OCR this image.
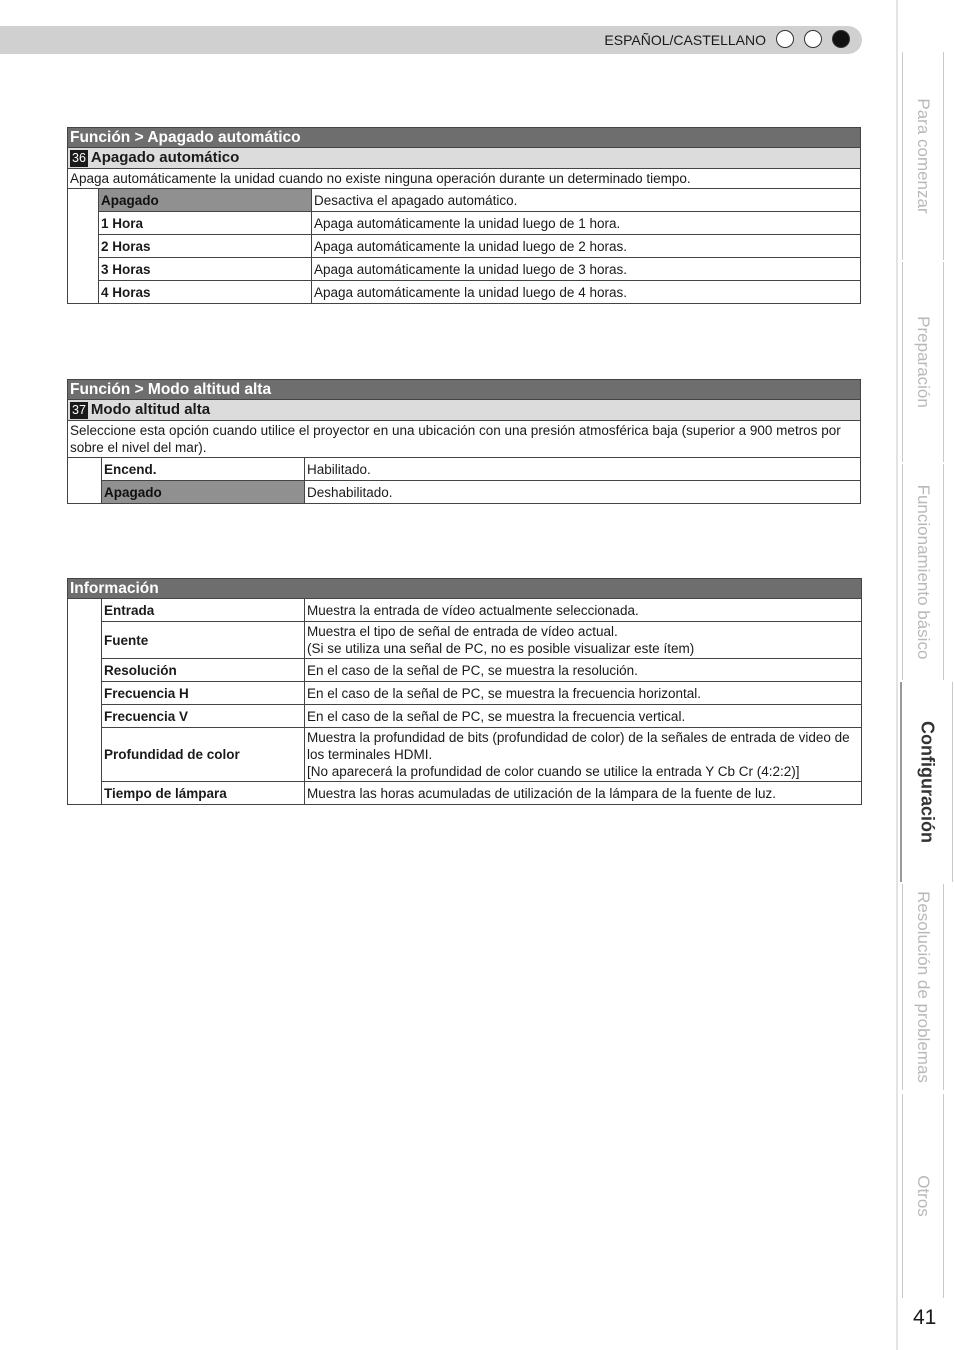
ESPAÑOL/CASTELLANO
Función > Apagado automático		
36 Apagado automático		
Apaga automáticamente la unidad cuando no existe ninguna operación durante un determinado tiempo.		
	Apagado	Desactiva el apagado automático.
	1 Hora	Apaga automáticamente la unidad luego de 1 hora.
	2 Horas	Apaga automáticamente la unidad luego de 2 horas.
	3 Horas	Apaga automáticamente la unidad luego de 3 horas.
	4 Horas	Apaga automáticamente la unidad luego de 4 horas.
Función > Modo altitud alta		
37 Modo altitud alta		
Seleccione esta opción cuando utilice el proyector en una ubicación con una presión atmosférica baja (superior a 900 metros por sobre el nivel del mar).		
	Encend.	Habilitado.
	Apagado	Deshabilitado.
Información		
	Entrada	Muestra la entrada de vídeo actualmente seleccionada.
	Fuente	Muestra el tipo de señal de entrada de vídeo actual.
(Si se utiliza una señal de PC, no es posible visualizar este ítem)
	Resolución	En el caso de la señal de PC, se muestra la resolución.
	Frecuencia H	En el caso de la señal de PC, se muestra la frecuencia horizontal.
	Frecuencia V	En el caso de la señal de PC, se muestra la frecuencia vertical.
	Profundidad de color	Muestra la profundidad de bits (profundidad de color) de la señales de entrada de video de los terminales HDMI.
[No aparecerá la profundidad de color cuando se utilice la entrada Y Cb Cr (4:2:2)]
	Tiempo de lámpara	Muestra las horas acumuladas de utilización de la lámpara de la fuente de luz.
Para comenzar
Preparación
Funcionamiento básico
Configuración
Resolución de problemas
Otros
41
